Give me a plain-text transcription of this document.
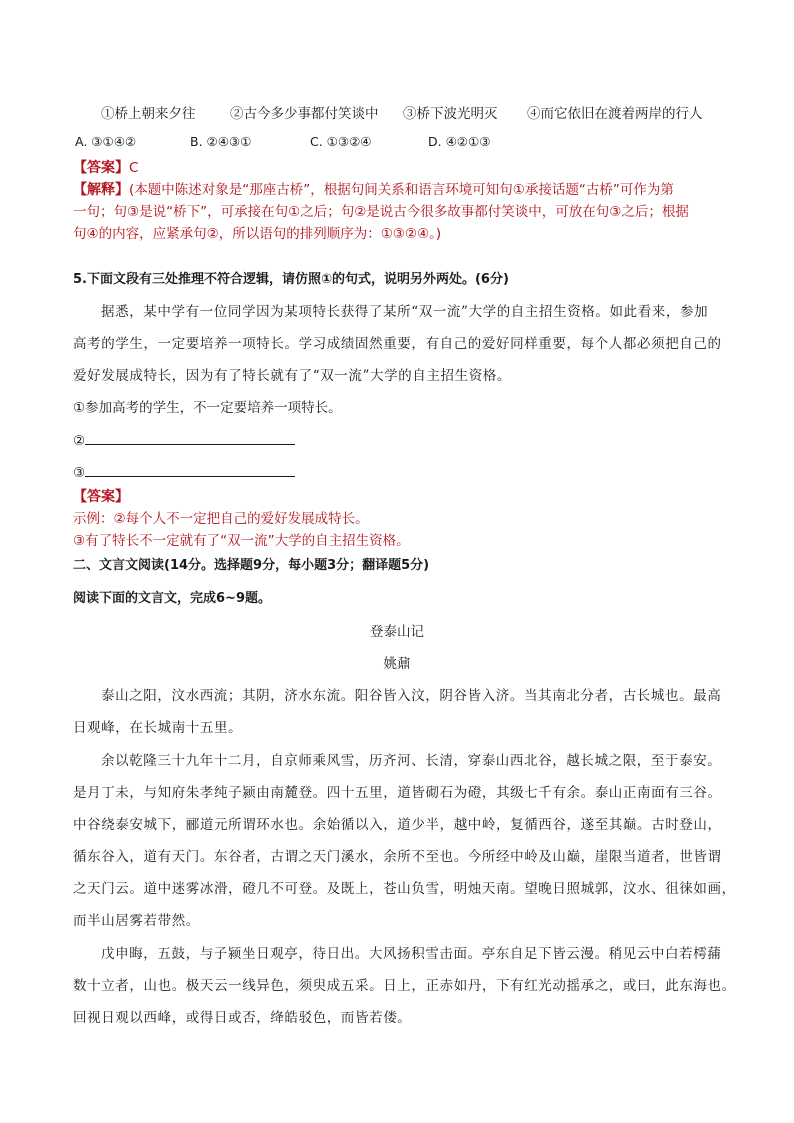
①桥上朝来夕往	②古今多少事都付笑谈中 ③桥下波光明灭 ④而它依旧在渡着两岸的行人
A. ③①④②	B. ②④③①	C. ①③②④	D. ④②①③
【答案】C
【解释】(本题中陈述对象是“那座古桥”，根据句间关系和语言环境可知句①承接话题“古桥”可作为第
一句；句③是说“桥下”，可承接在句①之后；句②是说古今很多故事都付笑谈中，可放在句③之后；根据
句④的内容，应紧承句②，所以语句的排列顺序为：①③②④。)
5.下面文段有三处推理不符合逻辑，请仿照①的句式，说明另外两处。(6分)
据悉，某中学有一位同学因为某项特长获得了某所“双一流”大学的自主招生资格。如此看来，参加
高考的学生，一定要培养一项特长。学习成绩固然重要，有自己的爱好同样重要，每个人都必须把自己的
爱好发展成特长，因为有了特长就有了“双一流”大学的自主招生资格。
①参加高考的学生，不一定要培养一项特长。
②
③
【答案】
示例：②每个人不一定把自己的爱好发展成特长。
③有了特长不一定就有了“双一流”大学的自主招生资格。
二、文言文阅读(14分。选择题9分，每小题3分；翻译题5分)
阅读下面的文言文，完成6~9题。
登泰山记
姚鼐
泰山之阳，汶水西流；其阴，济水东流。阳谷皆入汶，阴谷皆入济。当其南北分者，古长城也。最高
日观峰，在长城南十五里。
余以乾隆三十九年十二月，自京师乘风雪，历齐河、长清，穿泰山西北谷，越长城之限，至于泰安。
是月丁未，与知府朱孝纯子颍由南麓登。四十五里，道皆砌石为磴，其级七千有余。泰山正南面有三谷。
中谷绕泰安城下，郦道元所谓环水也。余始循以入，道少半，越中岭，复循西谷，遂至其巅。古时登山，
循东谷入，道有天门。东谷者，古谓之天门溪水，余所不至也。今所经中岭及山巅，崖限当道者，世皆谓
之天门云。道中迷雾冰滑，磴几不可登。及既上，苍山负雪，明烛天南。望晚日照城郭，汶水、徂徕如画，
而半山居雾若带然。
戊申晦，五鼓，与子颍坐日观亭，待日出。大风扬积雪击面。亭东自足下皆云漫。稍见云中白若樗蒱
数十立者，山也。极天云一线异色，须臾成五采。日上，正赤如丹，下有红光动摇承之，或曰，此东海也。
回视日观以西峰，或得日或否，绛皓驳色，而皆若偻。
